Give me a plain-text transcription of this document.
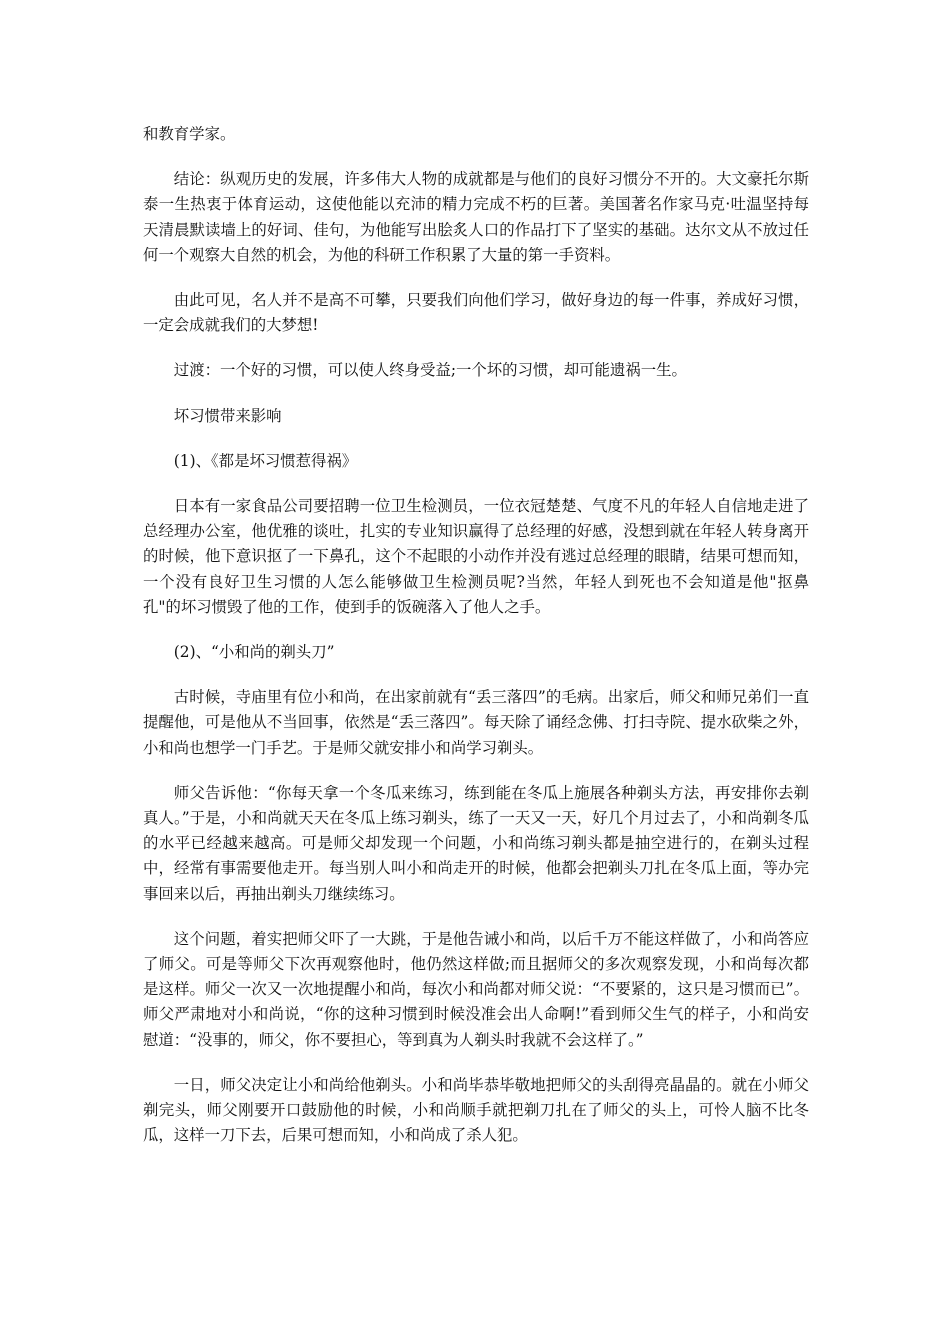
和教育学家。

结论：纵观历史的发展，许多伟大人物的成就都是与他们的良好习惯分不开的。大文豪托尔斯泰一生热衷于体育运动，这使他能以充沛的精力完成不朽的巨著。美国著名作家马克·吐温坚持每天清晨默读墙上的好词、佳句，为他能写出脍炙人口的作品打下了坚实的基础。达尔文从不放过任何一个观察大自然的机会，为他的科研工作积累了大量的第一手资料。

由此可见，名人并不是高不可攀，只要我们向他们学习，做好身边的每一件事，养成好习惯，一定会成就我们的大梦想!

过渡：一个好的习惯，可以使人终身受益;一个坏的习惯，却可能遗祸一生。

坏习惯带来影响

(1)、《都是坏习惯惹得祸》

日本有一家食品公司要招聘一位卫生检测员，一位衣冠楚楚、气度不凡的年轻人自信地走进了总经理办公室，他优雅的谈吐，扎实的专业知识赢得了总经理的好感，没想到就在年轻人转身离开的时候，他下意识抠了一下鼻孔，这个不起眼的小动作并没有逃过总经理的眼睛，结果可想而知，一个没有良好卫生习惯的人怎么能够做卫生检测员呢?当然，年轻人到死也不会知道是他"抠鼻孔"的坏习惯毁了他的工作，使到手的饭碗落入了他人之手。

(2)、“小和尚的剃头刀”

古时候，寺庙里有位小和尚，在出家前就有“丢三落四”的毛病。出家后，师父和师兄弟们一直提醒他，可是他从不当回事，依然是“丢三落四”。每天除了诵经念佛、打扫寺院、提水砍柴之外，小和尚也想学一门手艺。于是师父就安排小和尚学习剃头。

师父告诉他：“你每天拿一个冬瓜来练习，练到能在冬瓜上施展各种剃头方法，再安排你去剃真人。”于是，小和尚就天天在冬瓜上练习剃头，练了一天又一天，好几个月过去了，小和尚剃冬瓜的水平已经越来越高。可是师父却发现一个问题，小和尚练习剃头都是抽空进行的，在剃头过程中，经常有事需要他走开。每当别人叫小和尚走开的时候，他都会把剃头刀扎在冬瓜上面，等办完事回来以后，再抽出剃头刀继续练习。

这个问题，着实把师父吓了一大跳，于是他告诫小和尚，以后千万不能这样做了，小和尚答应了师父。可是等师父下次再观察他时，他仍然这样做;而且据师父的多次观察发现，小和尚每次都是这样。师父一次又一次地提醒小和尚，每次小和尚都对师父说：“不要紧的，这只是习惯而已”。师父严肃地对小和尚说，“你的这种习惯到时候没准会出人命啊!”看到师父生气的样子，小和尚安慰道：“没事的，师父，你不要担心，等到真为人剃头时我就不会这样了。”

一日，师父决定让小和尚给他剃头。小和尚毕恭毕敬地把师父的头刮得亮晶晶的。就在小师父剃完头，师父刚要开口鼓励他的时候，小和尚顺手就把剃刀扎在了师父的头上，可怜人脑不比冬瓜，这样一刀下去，后果可想而知，小和尚成了杀人犯。
